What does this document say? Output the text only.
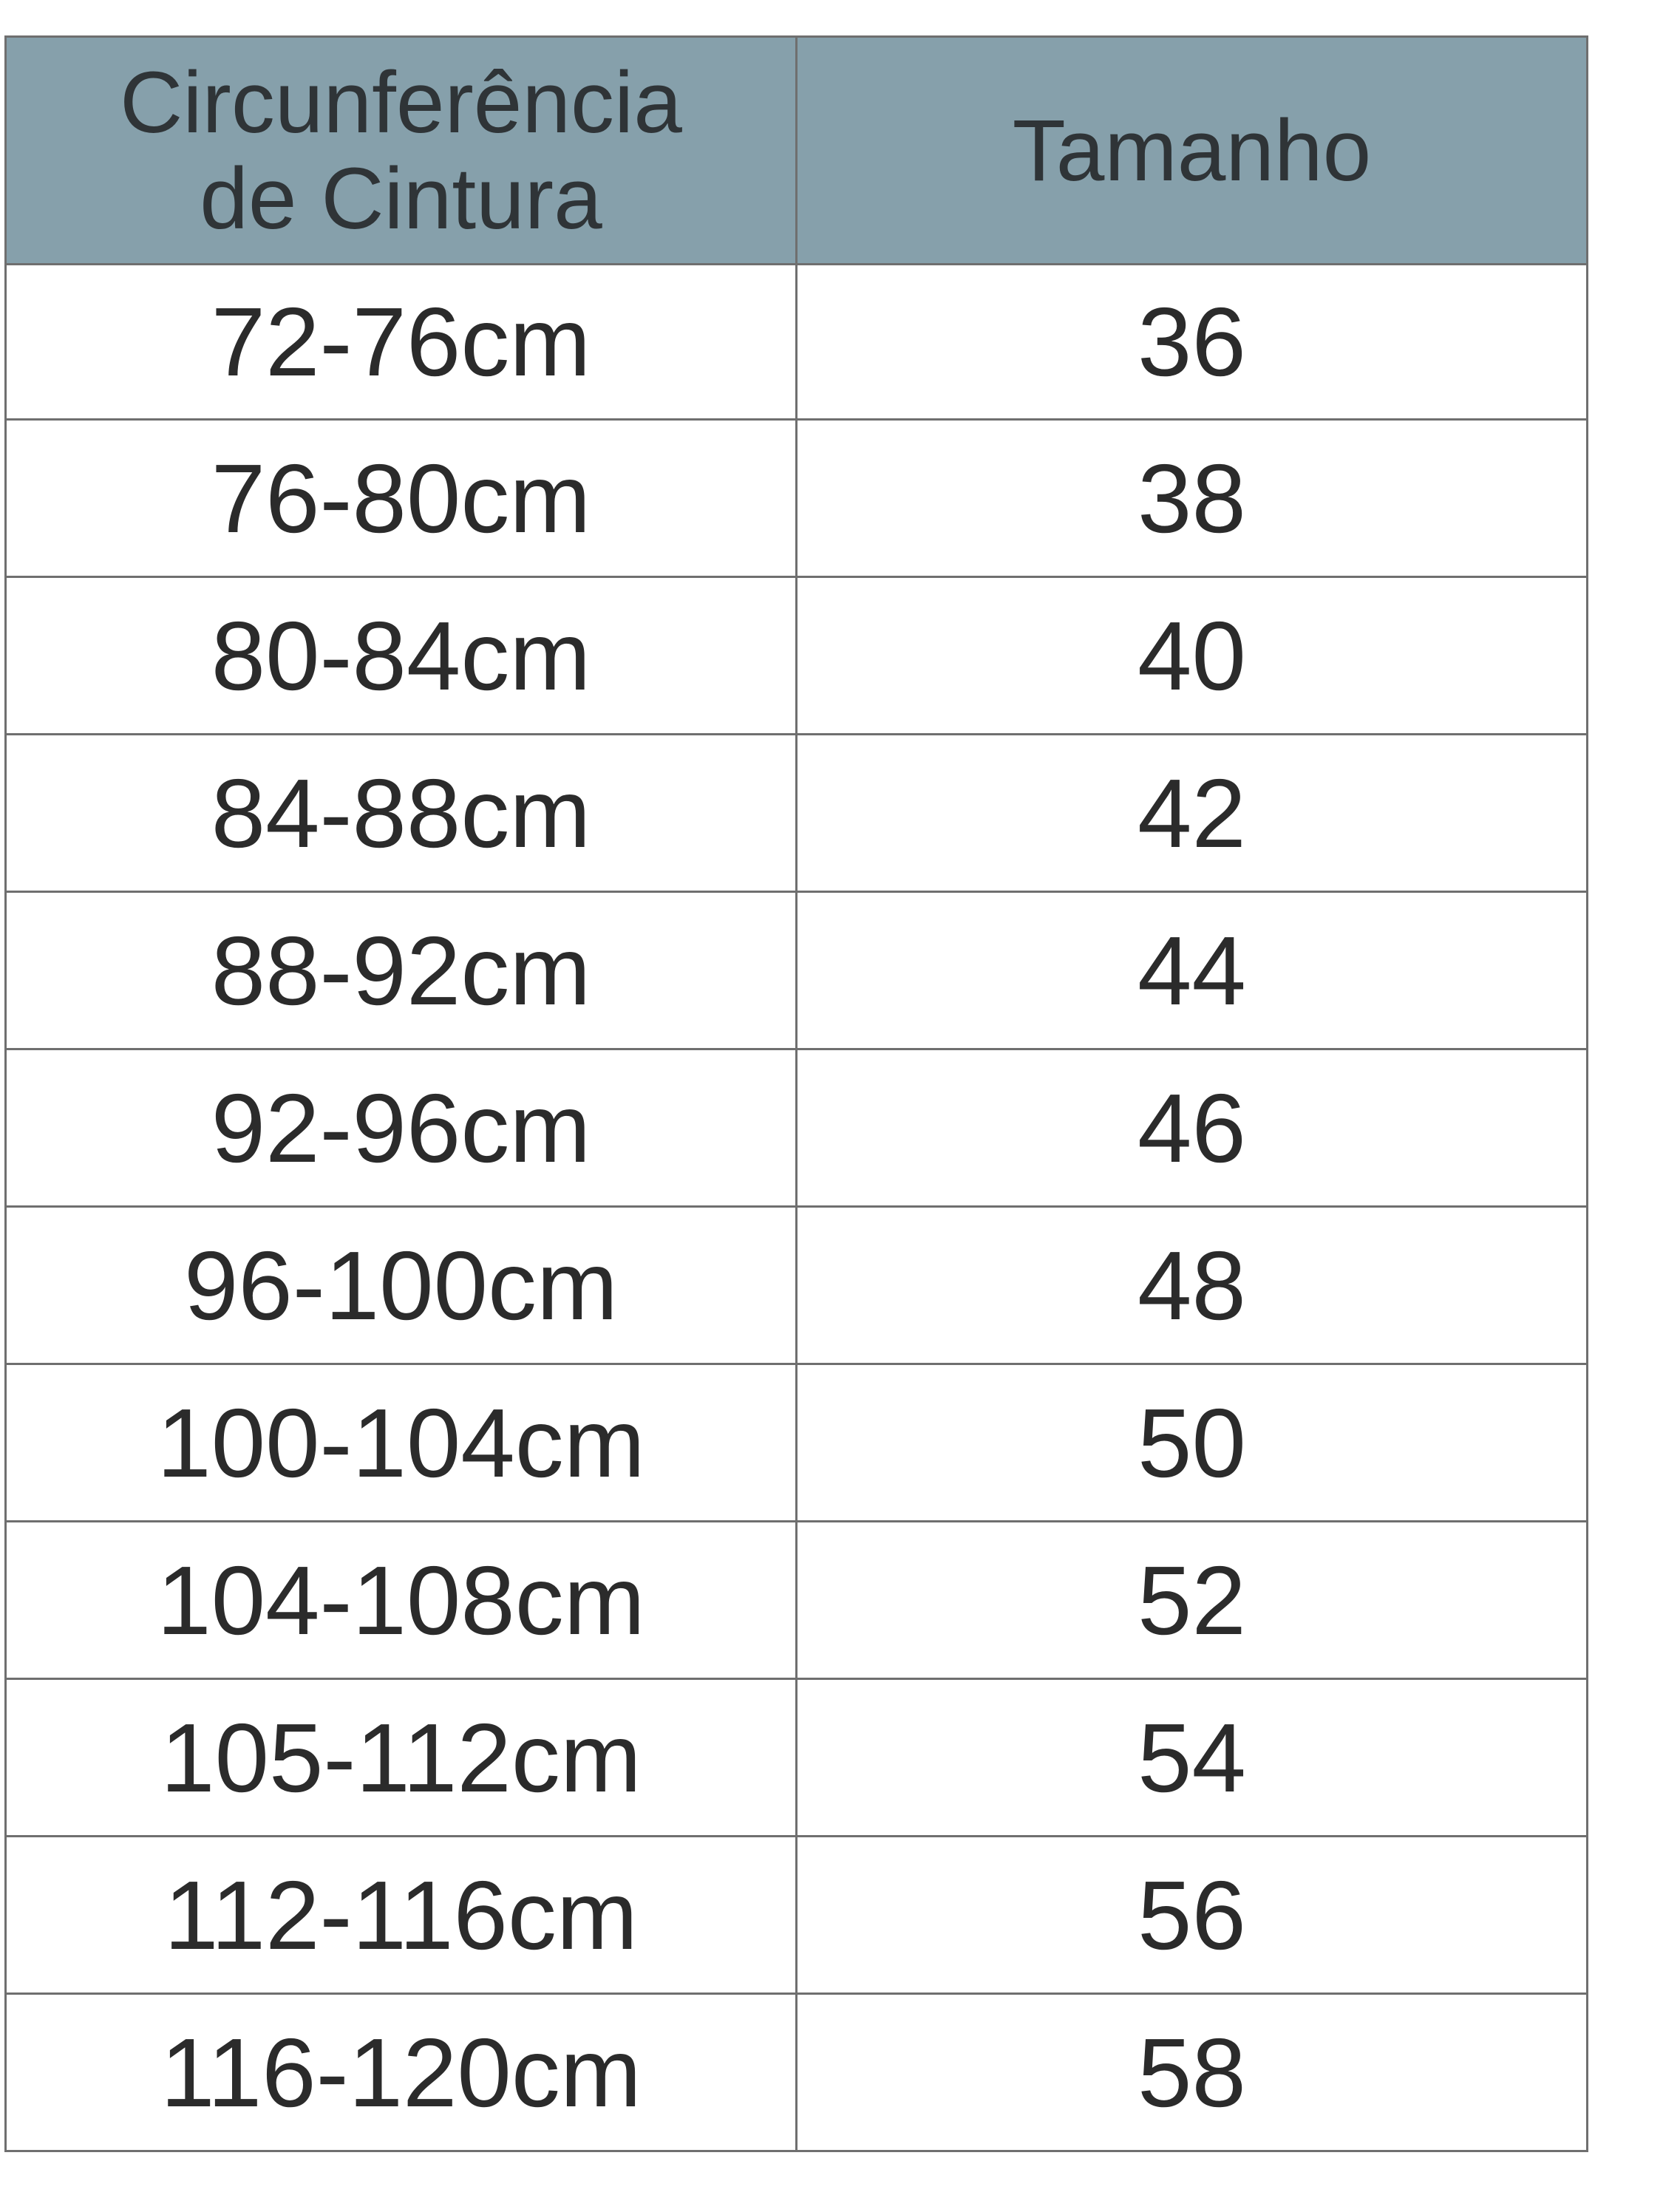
Circunferência
de Cintura	Tamanho
72-76cm	36
76-80cm	38
80-84cm	40
84-88cm	42
88-92cm	44
92-96cm	46
96-100cm	48
100-104cm	50
104-108cm	52
105-112cm	54
112-116cm	56
116-120cm	58
